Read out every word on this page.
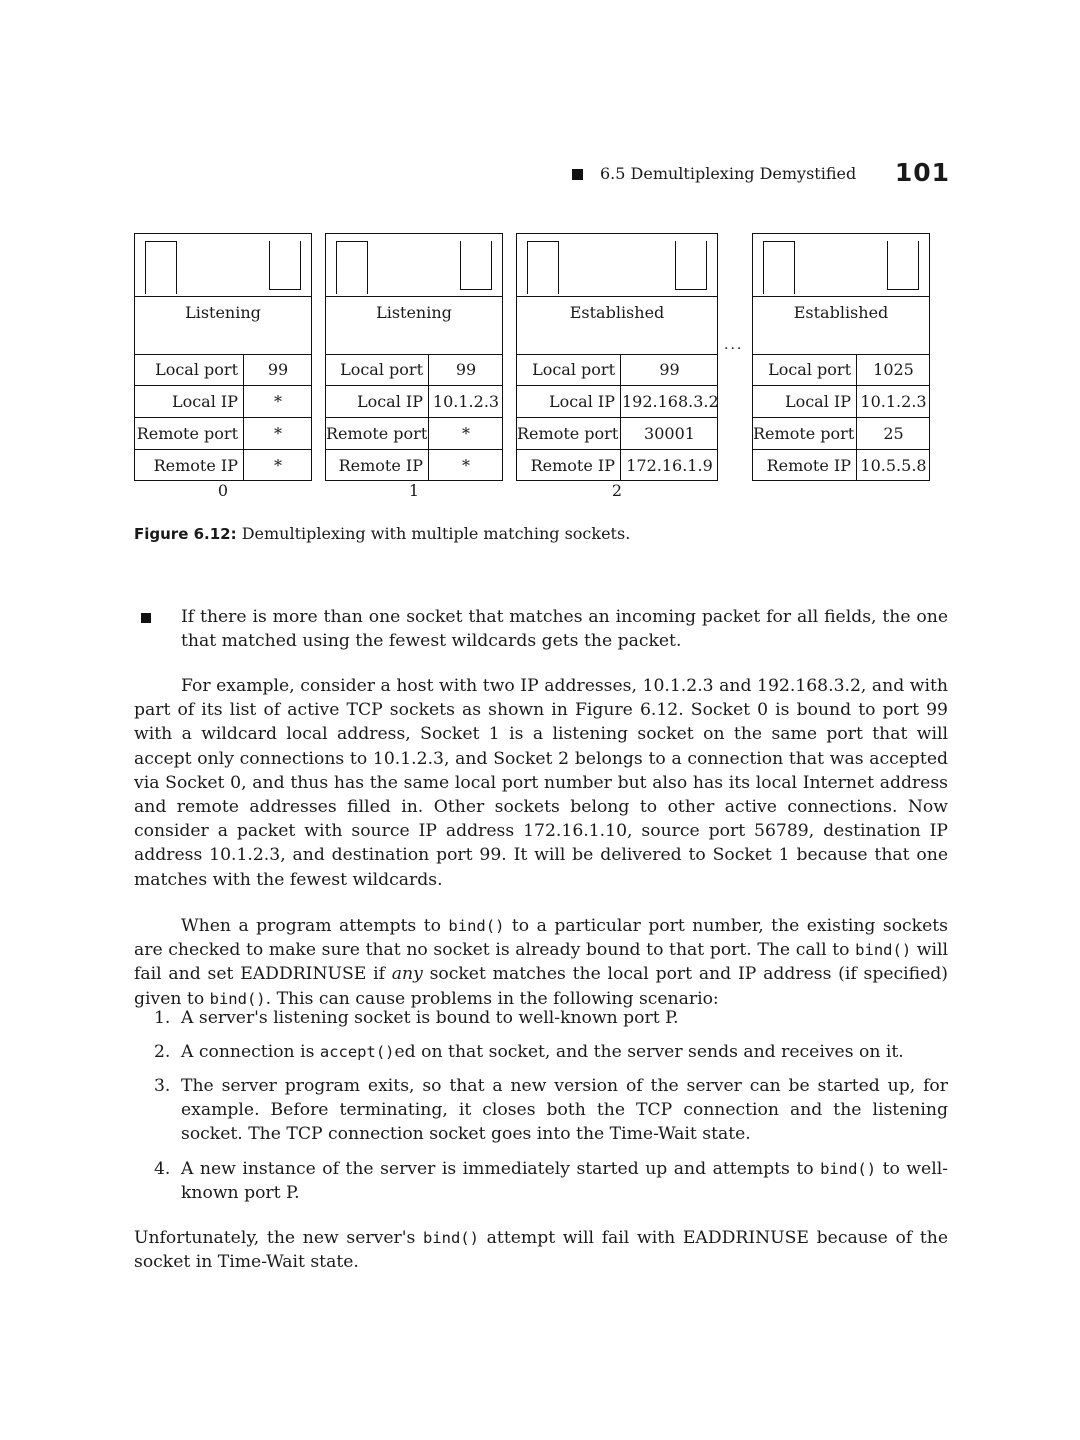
6.5 Demultiplexing Demystified 101
Listening
Local port	99
Local IP	*
Remote port	*
Remote IP	*
Listening
Local port	99
Local IP 10.1.2.3
Remote port	*
Remote IP	*
Established
Local port	99
Local IP 192.168.3.2
Remote port	30001
Remote IP 172.16.1.9
...
Established
Local port	1025
Local IP 10.1.2.3
Remote port	25
Remote IP 10.5.5.8
0	1	2
Figure 6.12: Demultiplexing with multiple matching sockets.
If there is more than one socket that matches an incoming packet for all fields, the one that matched using the fewest wildcards gets the packet.
For example, consider a host with two IP addresses, 10.1.2.3 and 192.168.3.2, and with part of its list of active TCP sockets as shown in Figure 6.12. Socket 0 is bound to port 99 with a wildcard local address, Socket 1 is a listening socket on the same port that will accept only connections to 10.1.2.3, and Socket 2 belongs to a connection that was accepted via Socket 0, and thus has the same local port number but also has its local Internet address and remote addresses filled in. Other sockets belong to other active connections. Now consider a packet with source IP address 172.16.1.10, source port 56789, destination IP address 10.1.2.3, and destination port 99. It will be delivered to Socket 1 because that one matches with the fewest wildcards.
When a program attempts to bind() to a particular port number, the existing sockets are checked to make sure that no socket is already bound to that port. The call to bind() will fail and set EADDRINUSE if any socket matches the local port and IP address (if specified) given to bind(). This can cause problems in the following scenario:
1. A server's listening socket is bound to well-known port P.
2. A connection is accept()ed on that socket, and the server sends and receives on it.
3. The server program exits, so that a new version of the server can be started up, for example. Before terminating, it closes both the TCP connection and the listening socket. The TCP connection socket goes into the Time-Wait state.
4. A new instance of the server is immediately started up and attempts to bind() to well-known port P.
Unfortunately, the new server's bind() attempt will fail with EADDRINUSE because of the socket in Time-Wait state.
